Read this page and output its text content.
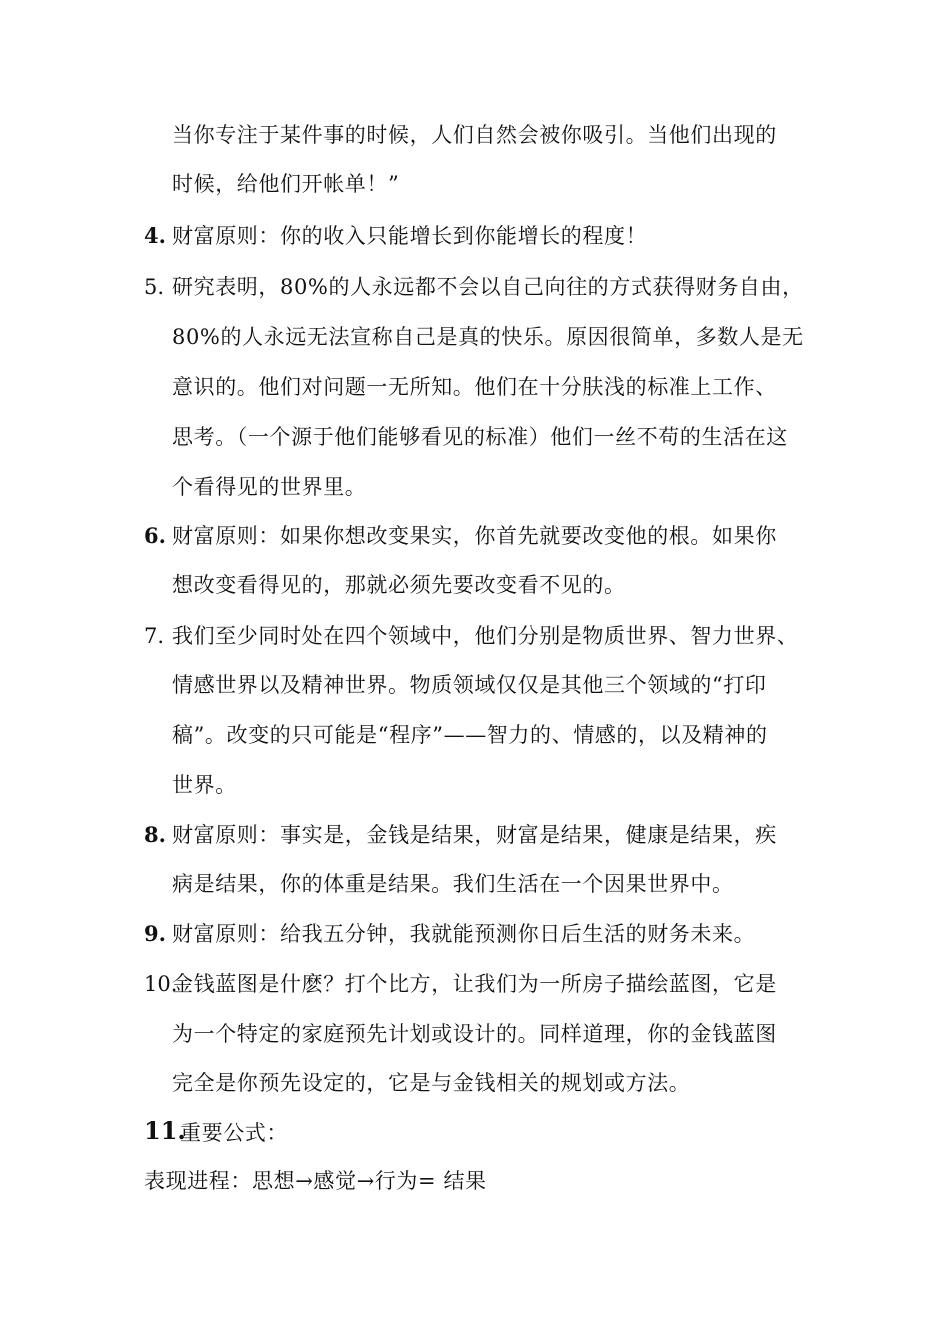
当你专注于某件事的时候，人们自然会被你吸引。当他们出现的
时候，给他们开帐单！”
4. 财富原则：你的收入只能增长到你能增长的程度！
5. 研究表明，80%的人永远都不会以自己向往的方式获得财务自由，
80%的人永远无法宣称自己是真的快乐。原因很简单，多数人是无
意识的。他们对问题一无所知。他们在十分肤浅的标准上工作、
思考。（一个源于他们能够看见的标准）他们一丝不苟的生活在这
个看得见的世界里。
6. 财富原则：如果你想改变果实，你首先就要改变他的根。如果你
想改变看得见的，那就必须先要改变看不见的。
7. 我们至少同时处在四个领域中，他们分别是物质世界、智力世界、
情感世界以及精神世界。物质领域仅仅是其他三个领域的“打印
稿”。改变的只可能是“程序”——智力的、情感的，以及精神的
世界。
8. 财富原则：事实是，金钱是结果，财富是结果，健康是结果，疾
病是结果，你的体重是结果。我们生活在一个因果世界中。
9. 财富原则：给我五分钟，我就能预测你日后生活的财务未来。
10.
金钱蓝图是什麽？打个比方，让我们为一所房子描绘蓝图，它是
为一个特定的家庭预先计划或设计的。同样道理，你的金钱蓝图
完全是你预先设定的，它是与金钱相关的规划或方法。
11.
重要公式：
表现进程：思想→感觉→行为= 结果
